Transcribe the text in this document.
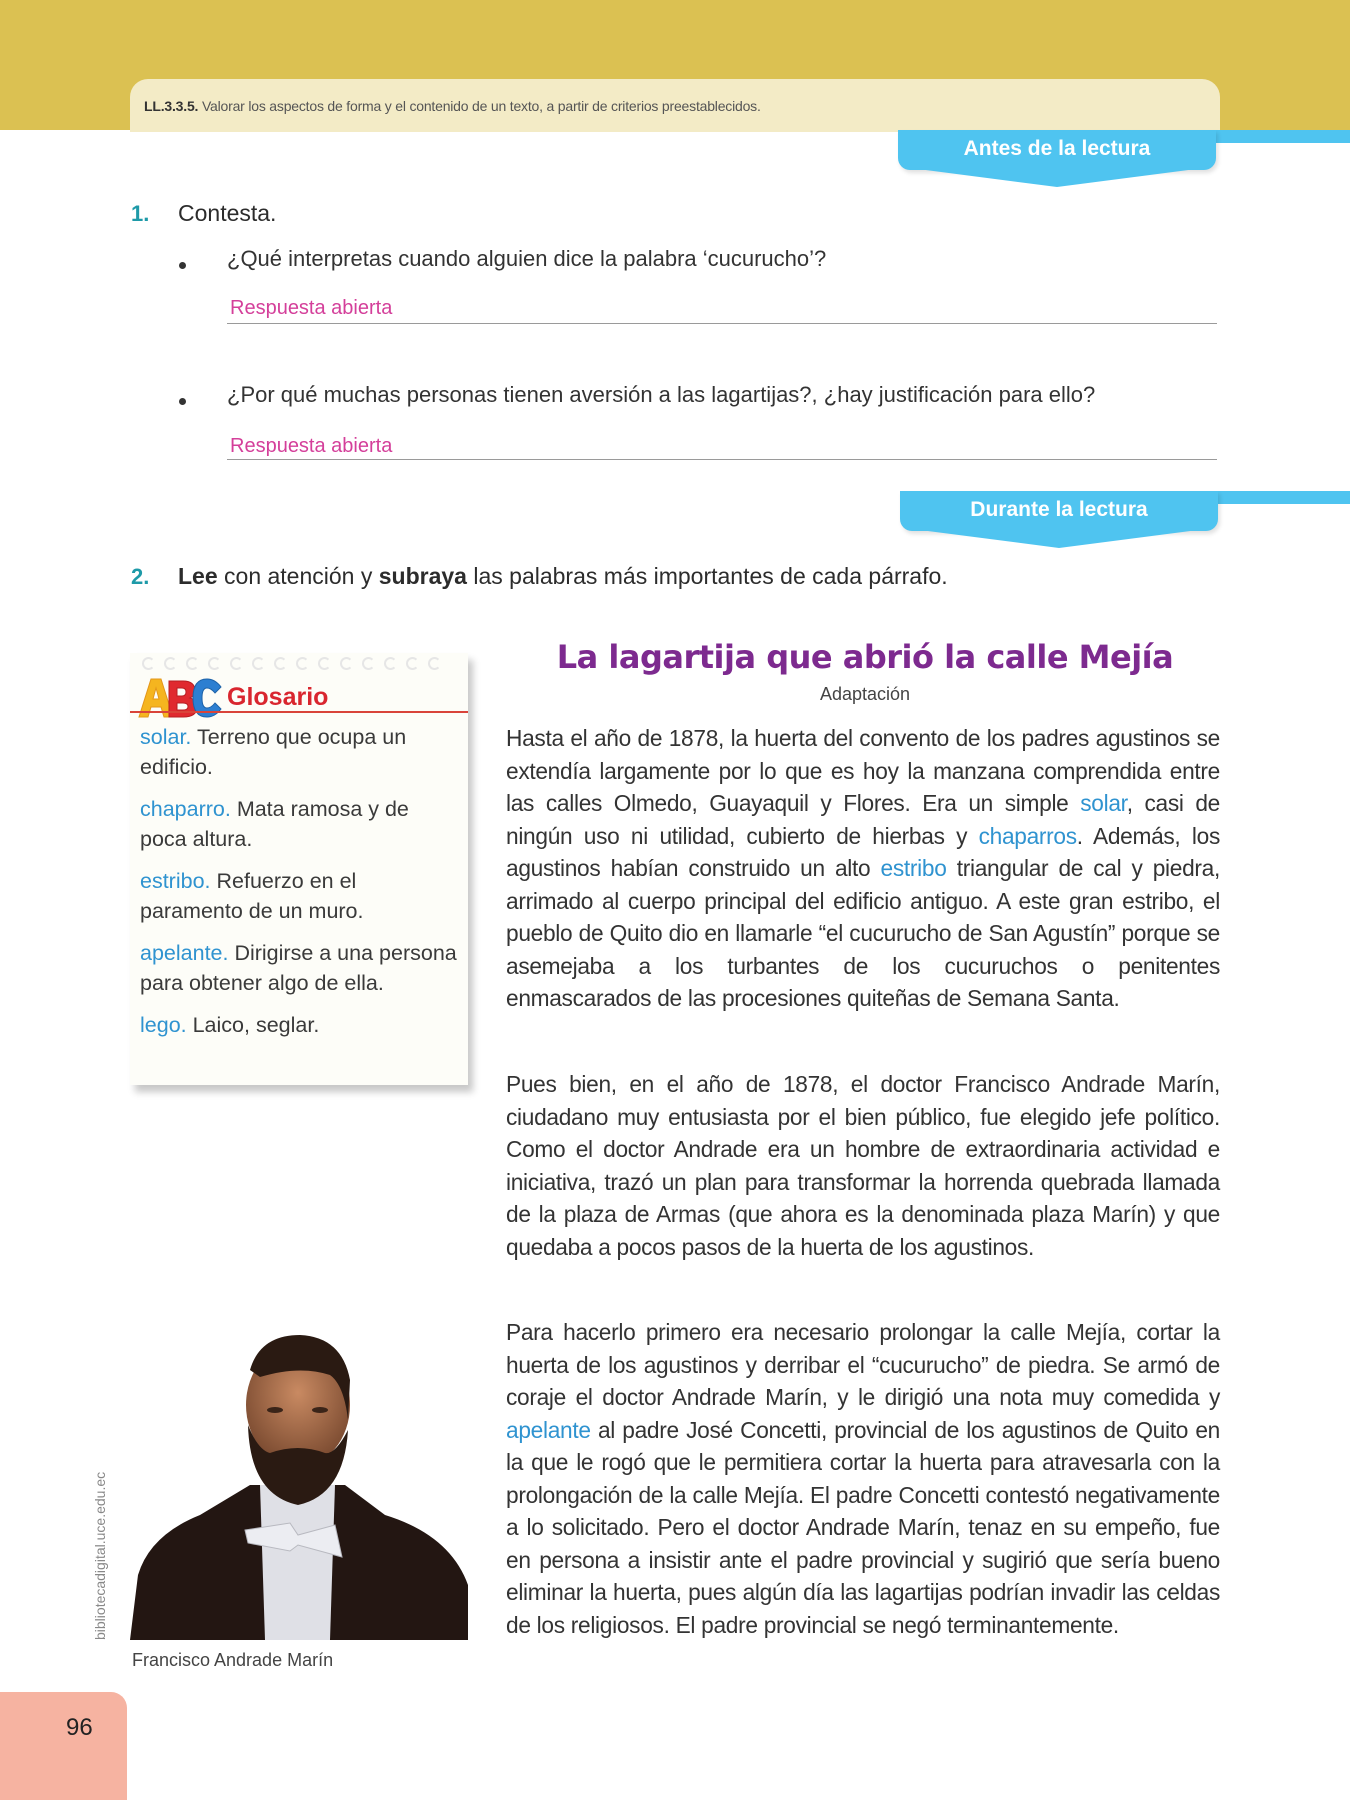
LL.3.3.5. Valorar los aspectos de forma y el contenido de un texto, a partir de criterios preestablecidos.
Antes de la lectura
1. Contesta.
¿Qué interpretas cuando alguien dice la palabra ‘cucurucho’?
Respuesta abierta
¿Por qué muchas personas tienen aversión a las lagartijas?, ¿hay justificación para ello?
Respuesta abierta
Durante la lectura
2. Lee con atención y subraya las palabras más importantes de cada párrafo.
Glosario
solar. Terreno que ocupa un edificio.
chaparro. Mata ramosa y de poca altura.
estribo. Refuerzo en el paramento de un muro.
apelante. Dirigirse a una persona para obtener algo de ella.
lego. Laico, seglar.
La lagartija que abrió la calle Mejía
Adaptación
Hasta el año de 1878, la huerta del convento de los padres agustinos se extendía largamente por lo que es hoy la manzana comprendida entre las calles Olmedo, Guayaquil y Flores. Era un simple solar, casi de ningún uso ni utilidad, cubierto de hierbas y chaparros. Además, los agustinos habían construido un alto estribo triangular de cal y piedra, arrimado al cuerpo principal del edificio antiguo. A este gran estribo, el pueblo de Quito dio en llamarle “el cucurucho de San Agustín” porque se asemejaba a los turbantes de los cucuruchos o penitentes enmascarados de las procesiones quiteñas de Semana Santa.
Pues bien, en el año de 1878, el doctor Francisco Andrade Marín, ciudadano muy entusiasta por el bien público, fue elegido jefe político. Como el doctor Andrade era un hombre de extraordinaria actividad e iniciativa, trazó un plan para transformar la horrenda quebrada llamada de la plaza de Armas (que ahora es la denominada plaza Marín) y que quedaba a pocos pasos de la huerta de los agustinos.
Para hacerlo primero era necesario prolongar la calle Mejía, cortar la huerta de los agustinos y derribar el “cucurucho” de piedra. Se armó de coraje el doctor Andrade Marín, y le dirigió una nota muy comedida y apelante al padre José Concetti, provincial de los agustinos de Quito en la que le rogó que le permitiera cortar la huerta para atravesarla con la prolongación de la calle Mejía. El padre Concetti contestó negativamente a lo solicitado. Pero el doctor Andrade Marín, tenaz en su empeño, fue en persona a insistir ante el padre provincial y sugirió que sería bueno eliminar la huerta, pues algún día las lagartijas podrían invadir las celdas de los religiosos. El padre provincial se negó terminantemente.
bibliotecadigital.uce.edu.ec
Francisco Andrade Marín
96
